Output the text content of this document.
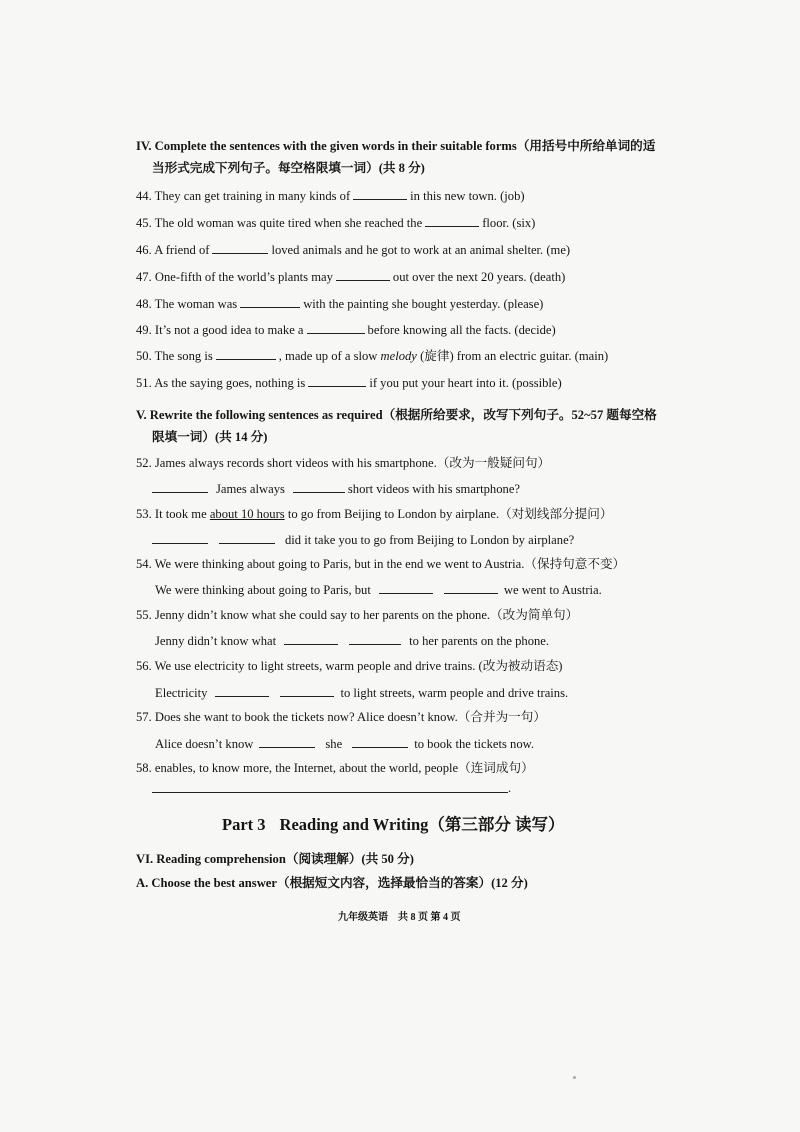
IV. Complete the sentences with the given words in their suitable forms（用括号中所给单词的适
当形式完成下列句子。每空格限填一词）(共 8 分)
44. They can get training in many kinds of	in this new town. (job)
45. The old woman was quite tired when she reached the	floor. (six)
46. A friend of	loved animals and he got to work at an animal shelter. (me)
47. One-fifth of the world’s plants may	out over the next 20 years. (death)
48. The woman was	with the painting she bought yesterday. (please)
49. It’s not a good idea to make a	before knowing all the facts. (decide)
50. The song is	, made up of a slow melody (旋律) from an electric guitar. (main)
51. As the saying goes, nothing is	if you put your heart into it. (possible)
V. Rewrite the following sentences as required（根据所给要求，改写下列句子。52~57 题每空格
限填一词）(共 14 分)
52. James always records short videos with his smartphone.（改为一般疑问句）
James always	short videos with his smartphone?
53. It took me about 10 hours to go from Beijing to London by airplane.（对划线部分提问）
did it take you to go from Beijing to London by airplane?
54. We were thinking about going to Paris, but in the end we went to Austria.（保持句意不变）
We were thinking about going to Paris, but	we went to Austria.
55. Jenny didn’t know what she could say to her parents on the phone.（改为简单句）
Jenny didn’t know what	to her parents on the phone.
56. We use electricity to light streets, warm people and drive trains. (改为被动语态)
Electricity	to light streets, warm people and drive trains.
57. Does she want to book the tickets now? Alice doesn’t know.（合并为一句）
Alice doesn’t know	she	to book the tickets now.
58. enables, to know more, the Internet, about the world, people（连词成句）
.
Part 3 Reading and Writing（第三部分 读写）
VI. Reading comprehension（阅读理解）(共 50 分)
A. Choose the best answer（根据短文内容，选择最恰当的答案）(12 分)
九年级英语　共 8 页 第 4 页
